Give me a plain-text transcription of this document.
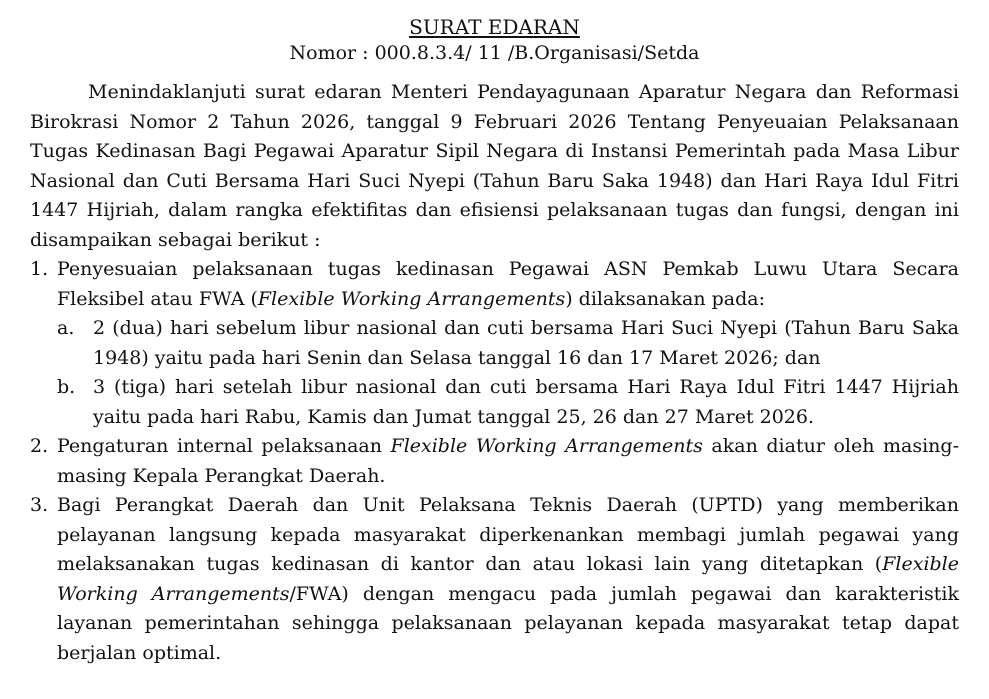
SURAT EDARAN

Nomor : 000.8.3.4/ 11 /B.Organisasi/Setda

Menindaklanjuti surat edaran Menteri Pendayagunaan Aparatur Negara dan Reformasi Birokrasi Nomor 2 Tahun 2026, tanggal 9 Februari 2026 Tentang Penyeuaian Pelaksanaan Tugas Kedinasan Bagi Pegawai Aparatur Sipil Negara di Instansi Pemerintah pada Masa Libur Nasional dan Cuti Bersama Hari Suci Nyepi (Tahun Baru Saka 1948) dan Hari Raya Idul Fitri 1447 Hijriah, dalam rangka efektifitas dan efisiensi pelaksanaan tugas dan fungsi, dengan ini disampaikan sebagai berikut :

1. Penyesuaian pelaksanaan tugas kedinasan Pegawai ASN Pemkab Luwu Utara Secara Fleksibel atau FWA (Flexible Working Arrangements) dilaksanakan pada:
a. 2 (dua) hari sebelum libur nasional dan cuti bersama Hari Suci Nyepi (Tahun Baru Saka 1948) yaitu pada hari Senin dan Selasa tanggal 16 dan 17 Maret 2026; dan
b. 3 (tiga) hari setelah libur nasional dan cuti bersama Hari Raya Idul Fitri 1447 Hijriah yaitu pada hari Rabu, Kamis dan Jumat tanggal 25, 26 dan 27 Maret 2026.
2. Pengaturan internal pelaksanaan Flexible Working Arrangements akan diatur oleh masing-masing Kepala Perangkat Daerah.
3. Bagi Perangkat Daerah dan Unit Pelaksana Teknis Daerah (UPTD) yang memberikan pelayanan langsung kepada masyarakat diperkenankan membagi jumlah pegawai yang melaksanakan tugas kedinasan di kantor dan atau lokasi lain yang ditetapkan (Flexible Working Arrangements/FWA) dengan mengacu pada jumlah pegawai dan karakteristik layanan pemerintahan sehingga pelaksanaan pelayanan kepada masyarakat tetap dapat berjalan optimal.
